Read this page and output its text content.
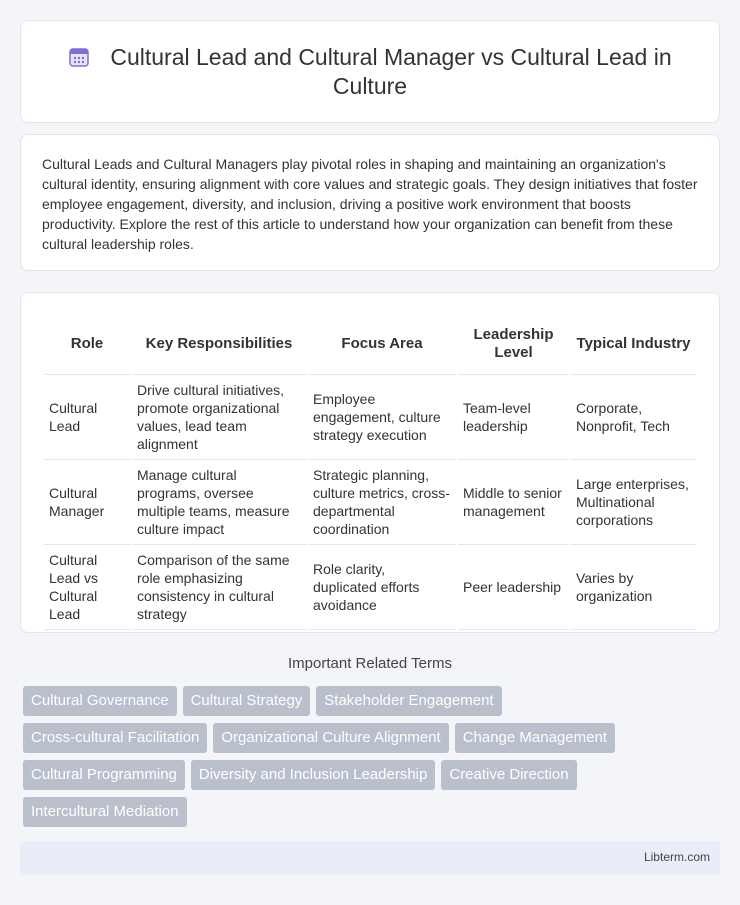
Cultural Lead and Cultural Manager vs Cultural Lead in Culture

Cultural Leads and Cultural Managers play pivotal roles in shaping and maintaining an organization's cultural identity, ensuring alignment with core values and strategic goals. They design initiatives that foster employee engagement, diversity, and inclusion, driving a positive work environment that boosts productivity. Explore the rest of this article to understand how your organization can benefit from these cultural leadership roles.

Role	Key Responsibilities	Focus Area	Leadership Level	Typical Industry
Cultural Lead	Drive cultural initiatives, promote organizational values, lead team alignment	Employee engagement, culture strategy execution	Team-level leadership	Corporate, Nonprofit, Tech
Cultural Manager	Manage cultural programs, oversee multiple teams, measure culture impact	Strategic planning, culture metrics, cross-departmental coordination	Middle to senior management	Large enterprises, Multinational corporations
Cultural Lead vs Cultural Lead	Comparison of the same role emphasizing consistency in cultural strategy	Role clarity, duplicated efforts avoidance	Peer leadership	Varies by organization
Important Related Terms
Cultural Governance	Cultural Strategy	Stakeholder Engagement
Cross-cultural Facilitation	Organizational Culture Alignment	Change Management
Cultural Programming	Diversity and Inclusion Leadership	Creative Direction
Intercultural Mediation
Libterm.com
